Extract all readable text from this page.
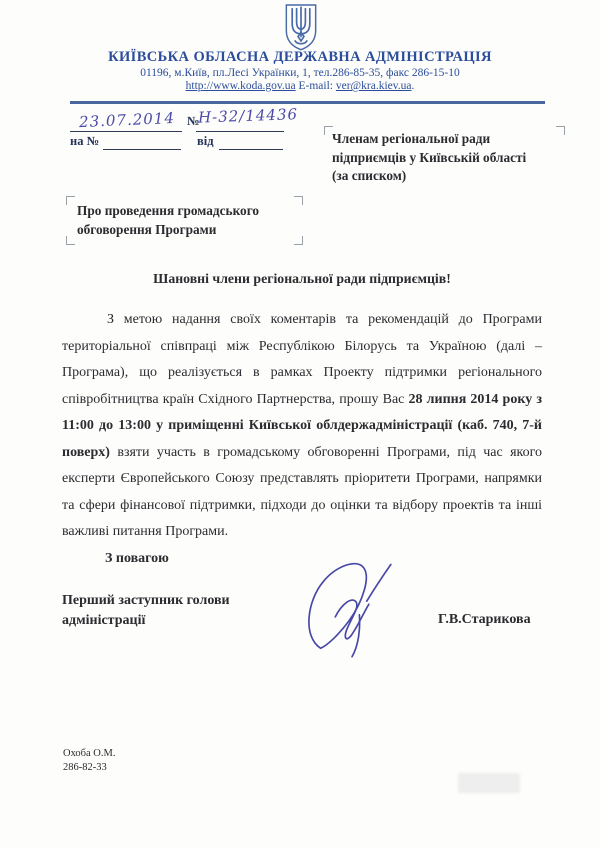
КИЇВСЬКА ОБЛАСНА ДЕРЖАВНА АДМІНІСТРАЦІЯ
01196, м.Київ, пл.Лесі Українки, 1, тел.286-85-35, факс 286-15-10
http://www.koda.gov.ua E-mail: ver@kra.kiev.ua.
23.07.2014 №
Н-32/14436
на №	від	Членам регіональної ради
підприємців у Київській області
(за списком)
Про проведення громадського
обговорення Програми
Шановні члени регіональної ради підприємців!
З метою надання своїх коментарів та рекомендацій до Програми територіальної співпраці між Республікою Білорусь та Україною (далі – Програма), що реалізується в рамках Проекту підтримки регіонального співробітництва країн Східного Партнерства, прошу Вас 28 липня 2014 року з 11:00 до 13:00 у приміщенні Київської облдержадміністрації (каб. 740, 7-й поверх) взяти участь в громадському обговоренні Програми, під час якого експерти Європейського Союзу представлять пріоритети Програми, напрямки та сфери фінансової підтримки, підходи до оцінки та відбору проектів та інші важливі питання Програми.
З повагою
Перший заступник голови
адміністрації	Г.В.Старикова
Охоба О.М.
286-82-33
